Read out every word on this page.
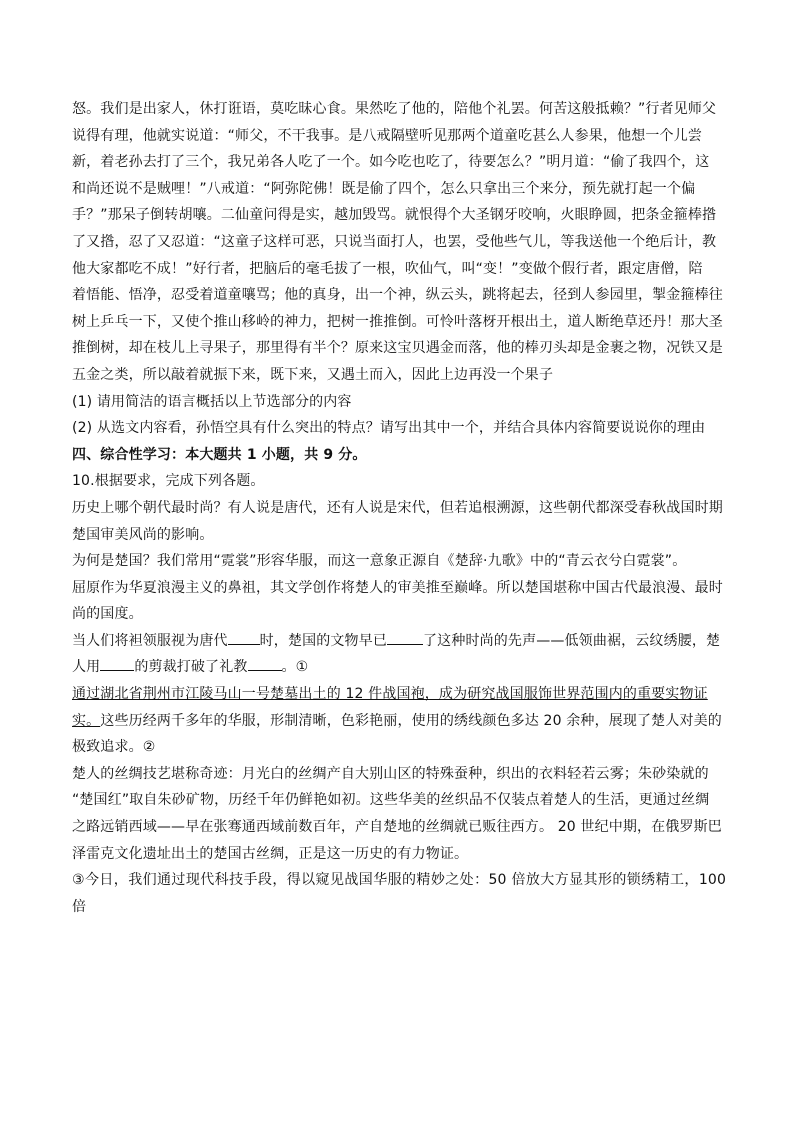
怒。我们是出家人，休打诳语，莫吃昧心食。果然吃了他的，陪他个礼罢。何苦这般抵赖？”行者见师父

说得有理，他就实说道：“师父，不干我事。是八戒隔壁听见那两个道童吃甚么人参果，他想一个儿尝

新，着老孙去打了三个，我兄弟各人吃了一个。如今吃也吃了，待要怎么？”明月道：“偷了我四个，这

和尚还说不是贼哩！”八戒道：“阿弥陀佛！既是偷了四个，怎么只拿出三个来分，预先就打起一个偏

手？”那呆子倒转胡嚷。二仙童问得是实，越加毁骂。就恨得个大圣钢牙咬响，火眼睁圆，把条金箍棒揝

了又揝，忍了又忍道：“这童子这样可恶，只说当面打人，也罢，受他些气儿，等我送他一个绝后计，教

他大家都吃不成！”好行者，把脑后的毫毛拔了一根，吹仙气，叫“变！”变做个假行者，跟定唐僧，陪

着悟能、悟净，忍受着道童嚷骂；他的真身，出一个神，纵云头，跳将起去，径到人参园里，掣金箍棒往

树上乒乓一下，又使个推山移岭的神力，把树一推推倒。可怜叶落枒开根出土，道人断绝草还丹！那大圣

推倒树，却在枝儿上寻果子，那里得有半个？原来这宝贝遇金而落，他的棒刃头却是金裹之物，况铁又是

五金之类，所以敲着就振下来，既下来，又遇土而入，因此上边再没一个果子

(1) 请用简洁的语言概括以上节选部分的内容

(2) 从选文内容看，孙悟空具有什么突出的特点？请写出其中一个，并结合具体内容简要说说你的理由

四、综合性学习：本大题共 1 小题，共 9 分。

10.根据要求，完成下列各题。

历史上哪个朝代最时尚？有人说是唐代，还有人说是宋代，但若追根溯源，这些朝代都深受春秋战国时期

楚国审美风尚的影响。

为何是楚国？我们常用“霓裳”形容华服，而这一意象正源自《楚辞·九歌》中的“青云衣兮白霓裳”。

屈原作为华夏浪漫主义的鼻祖，其文学创作将楚人的审美推至巅峰。所以楚国堪称中国古代最浪漫、最时

尚的国度。

当人们将袒领服视为唐代 时，楚国的文物早已	了这种时尚的先声——低领曲裾，云纹绣腰，楚

人用 的剪裁打破了礼教 。①

通过湖北省荆州市江陵马山一号楚墓出土的 12 件战国袍，成为研究战国服饰世界范围内的重要实物证

实。这些历经两千多年的华服，形制清晰，色彩艳丽，使用的绣线颜色多达 20 余种，展现了楚人对美的

极致追求。②

楚人的丝绸技艺堪称奇迹：月光白的丝绸产自大别山区的特殊蚕种，织出的衣料轻若云雾；朱砂染就的

“楚国红”取自朱砂矿物，历经千年仍鲜艳如初。这些华美的丝织品不仅装点着楚人的生活，更通过丝绸

之路远销西域——早在张骞通西域前数百年，产自楚地的丝绸就已贩往西方。 20 世纪中期，在俄罗斯巴

泽雷克文化遗址出土的楚国古丝绸，正是这一历史的有力物证。

③今日，我们通过现代科技手段，得以窥见战国华服的精妙之处：50 倍放大方显其形的锁绣精工，100 倍
